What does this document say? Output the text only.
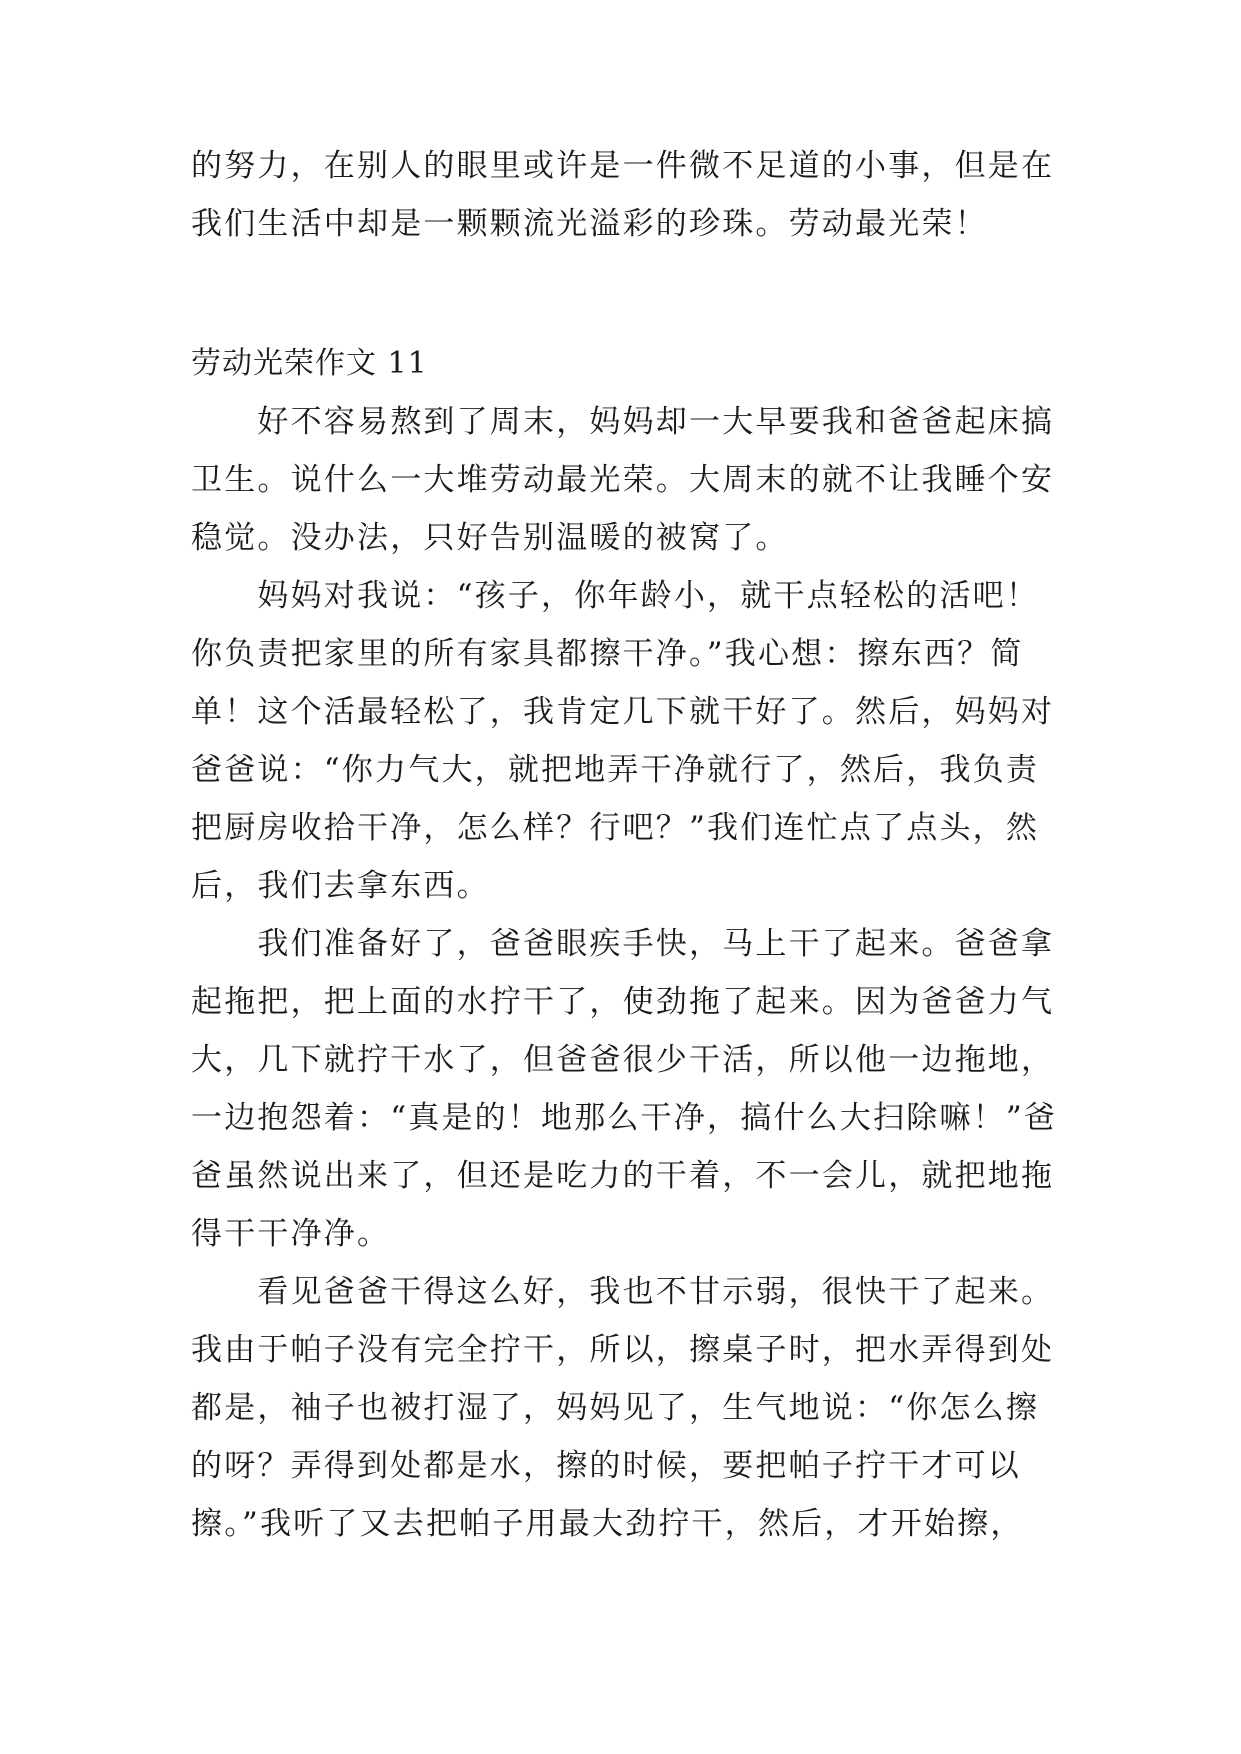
的努力，在别人的眼里或许是一件微不足道的小事，但是在
我们生活中却是一颗颗流光溢彩的珍珠。劳动最光荣！
劳动光荣作文 11
　　好不容易熬到了周末，妈妈却一大早要我和爸爸起床搞
卫生。说什么一大堆劳动最光荣。大周末的就不让我睡个安
稳觉。没办法，只好告别温暖的被窝了。
　　妈妈对我说：“孩子，你年龄小，就干点轻松的活吧！
你负责把家里的所有家具都擦干净。”我心想：擦东西？简
单！这个活最轻松了，我肯定几下就干好了。然后，妈妈对
爸爸说：“你力气大，就把地弄干净就行了，然后，我负责
把厨房收拾干净，怎么样？行吧？”我们连忙点了点头，然
后，我们去拿东西。
　　我们准备好了，爸爸眼疾手快，马上干了起来。爸爸拿
起拖把，把上面的水拧干了，使劲拖了起来。因为爸爸力气
大，几下就拧干水了，但爸爸很少干活，所以他一边拖地，
一边抱怨着：“真是的！地那么干净，搞什么大扫除嘛！”爸
爸虽然说出来了，但还是吃力的干着，不一会儿，就把地拖
得干干净净。
　　看见爸爸干得这么好，我也不甘示弱，很快干了起来。
我由于帕子没有完全拧干，所以，擦桌子时，把水弄得到处
都是，袖子也被打湿了，妈妈见了，生气地说：“你怎么擦
的呀？弄得到处都是水，擦的时候，要把帕子拧干才可以
擦。”我听了又去把帕子用最大劲拧干，然后，才开始擦，
